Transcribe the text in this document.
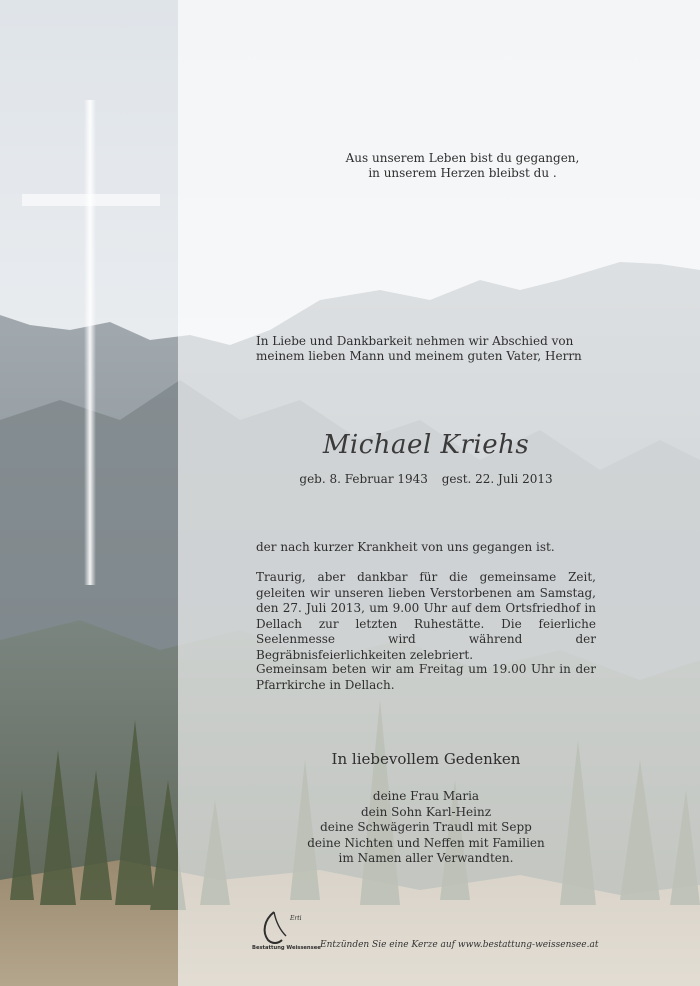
Aus unserem Leben bist du gegangen,
in unserem Herzen bleibst du .
In Liebe und Dankbarkeit nehmen wir Abschied von meinem lieben Mann und meinem guten Vater, Herrn
Michael Kriehs
geb. 8. Februar 1943 gest. 22. Juli 2013
der nach kurzer Krankheit von uns gegangen ist.
Traurig, aber dankbar für die gemeinsame Zeit, geleiten wir unseren lieben Verstorbenen am Samstag, den 27. Juli 2013, um 9.00 Uhr auf dem Ortsfriedhof in Dellach zur letzten Ruhestätte. Die feierliche Seelenmesse wird während der Begräbnisfeierlichkeiten zelebriert.
Gemeinsam beten wir am Freitag um 19.00 Uhr in der Pfarrkirche in Dellach.
In liebevollem Gedenken
deine Frau Maria
dein Sohn Karl-Heinz
deine Schwägerin Traudl mit Sepp
deine Nichten und Neffen mit Familien
im Namen aller Verwandten.
Erti
Bestattung Weissensee Entzünden Sie eine Kerze auf www.bestattung-weissensee.at
